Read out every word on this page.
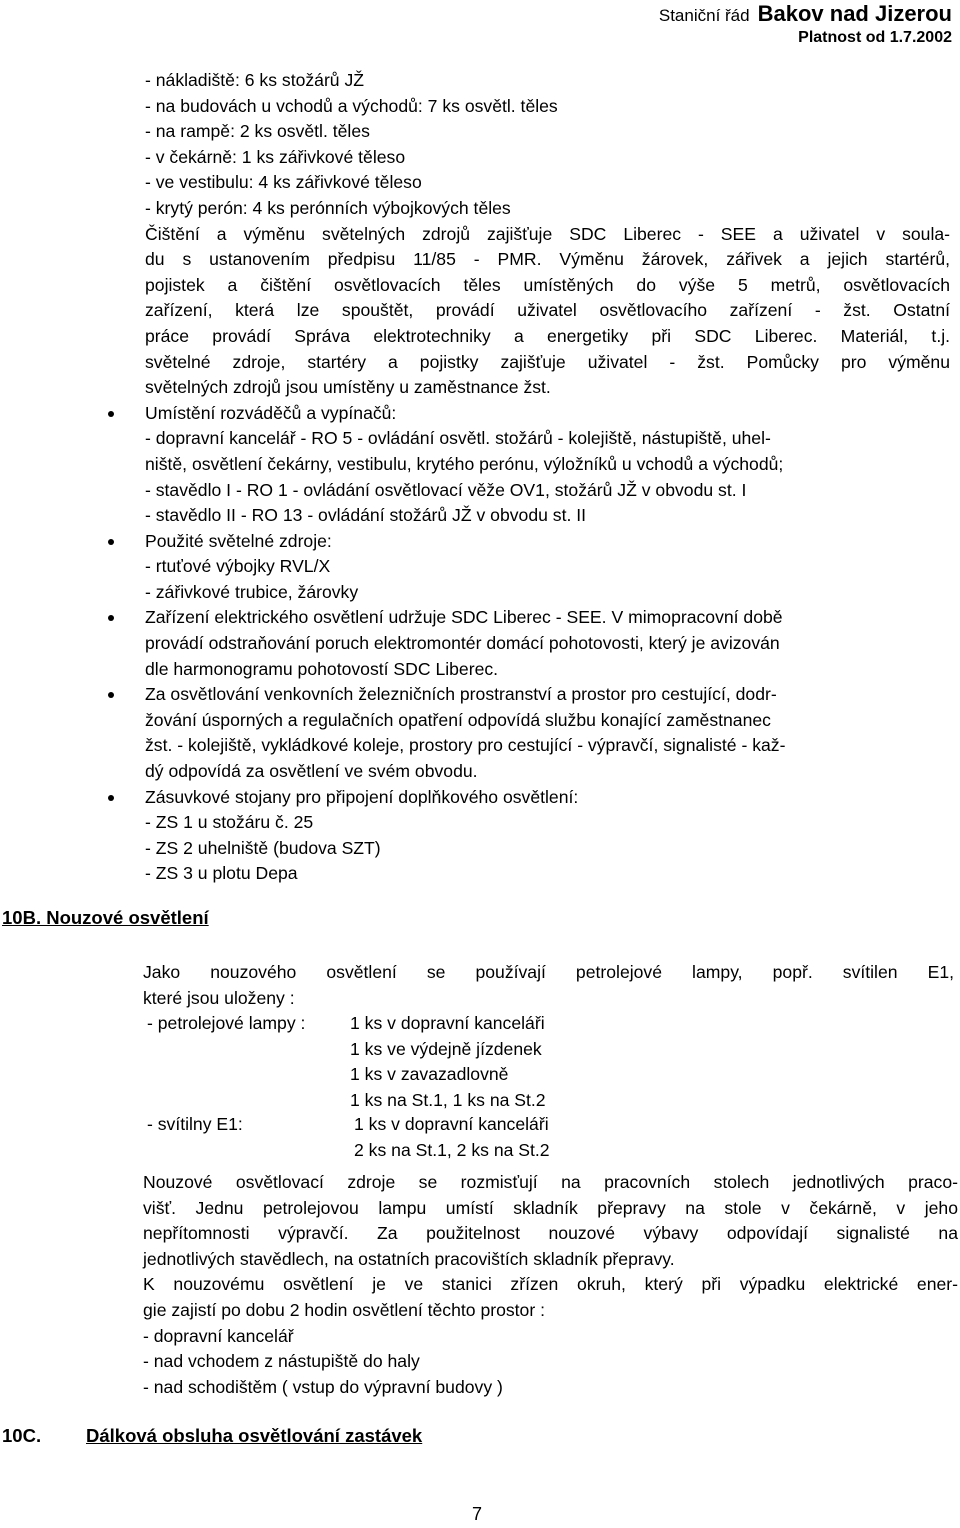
Staniční řád Bakov nad Jizerou
Platnost od 1.7.2002
- nákladiště: 6 ks stožárů JŽ
- na budovách u vchodů a východů: 7 ks osvětl. těles
- na rampě: 2 ks osvětl. těles
- v čekárně: 1 ks zářivkové těleso
- ve vestibulu: 4 ks zářivkové těleso
- krytý perón: 4 ks perónních výbojkových těles
Čištění a výměnu světelných zdrojů zajišťuje SDC Liberec - SEE a uživatel v soula-
du s ustanovením předpisu 11/85 - PMR. Výměnu žárovek, zářivek a jejich startérů,
pojistek a čištění osvětlovacích těles umístěných do výše 5 metrů, osvětlovacích
zařízení, která lze spouštět, provádí uživatel osvětlovacího zařízení - žst. Ostatní
práce provádí Správa elektrotechniky a energetiky při SDC Liberec. Materiál, t.j.
světelné zdroje, startéry a pojistky zajišťuje uživatel - žst. Pomůcky pro výměnu
světelných zdrojů jsou umístěny u zaměstnance žst.
Umístění rozváděčů a vypínačů:
- dopravní kancelář - RO 5 - ovládání osvětl. stožárů - kolejiště, nástupiště, uhel-
niště, osvětlení čekárny, vestibulu, krytého perónu, výložníků u vchodů a východů;
- stavědlo I - RO 1 - ovládání osvětlovací věže OV1, stožárů JŽ v obvodu st. I
- stavědlo II - RO 13 - ovládání stožárů JŽ v obvodu st. II
Použité světelné zdroje:
- rtuťové výbojky RVL/X
- zářivkové trubice, žárovky
Zařízení elektrického osvětlení udržuje SDC Liberec - SEE. V mimopracovní době
provádí odstraňování poruch elektromontér domácí pohotovosti, který je avizován
dle harmonogramu pohotovostí SDC Liberec.
Za osvětlování venkovních železničních prostranství a prostor pro cestující, dodr-
žování úsporných a regulačních opatření odpovídá službu konající zaměstnanec
žst. - kolejiště, vykládkové koleje, prostory pro cestující - výpravčí, signalisté - kaž-
dý odpovídá za osvětlení ve svém obvodu.
Zásuvkové stojany pro připojení doplňkového osvětlení:
- ZS 1 u stožáru č. 25
- ZS 2 uhelniště (budova SZT)
- ZS 3 u plotu Depa
10B. Nouzové osvětlení
Jako nouzového osvětlení se používají petrolejové lampy, popř. svítilen E1,
které jsou uloženy :
- petrolejové lampy :	1 ks v dopravní kanceláři
1 ks ve výdejně jízdenek
1 ks v zavazadlovně
1 ks na St.1, 1 ks na St.2
- svítilny E1:	1 ks v dopravní kanceláři
2 ks na St.1, 2 ks na St.2
Nouzové osvětlovací zdroje se rozmisťují na pracovních stolech jednotlivých praco-
višť. Jednu petrolejovou lampu umístí skladník přepravy na stole v čekárně, v jeho
nepřítomnosti výpravčí. Za použitelnost nouzové výbavy odpovídají signalisté na
jednotlivých stavědlech, na ostatních pracovištích skladník přepravy.
K nouzovému osvětlení je ve stanici zřízen okruh, který při výpadku elektrické ener-
gie zajistí po dobu 2 hodin osvětlení těchto prostor :
- dopravní kancelář
- nad vchodem z nástupiště do haly
- nad schodištěm ( vstup do výpravní budovy )
10C. Dálková obsluha osvětlování zastávek
7
